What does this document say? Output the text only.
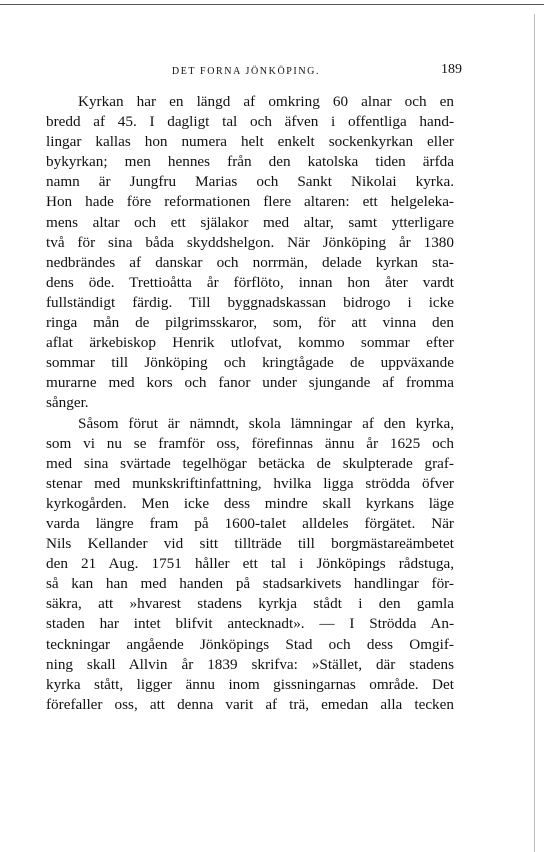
DET FORNA JÖNKÖPING.	189
Kyrkan har en längd af omkring 60 alnar och en
bredd af 45. I dagligt tal och äfven i offentliga hand-
lingar kallas hon numera helt enkelt sockenkyrkan eller
bykyrkan; men hennes från den katolska tiden ärfda
namn är Jungfru Marias och Sankt Nikolai kyrka.
Hon hade före reformationen flere altaren: ett helgeleka-
mens altar och ett själakor med altar, samt ytterligare
två för sina båda skyddshelgon. När Jönköping år 1380
nedbrändes af danskar och norrmän, delade kyrkan sta-
dens öde. Trettioåtta år förflöto, innan hon åter vardt
fullständigt färdig. Till byggnadskassan bidrogo i icke
ringa mån de pilgrimsskaror, som, för att vinna den
aflat ärkebiskop Henrik utlofvat, kommo sommar efter
sommar till Jönköping och kringtågade de uppväxande
murarne med kors och fanor under sjungande af fromma
sånger.
Såsom förut är nämndt, skola lämningar af den kyrka,
som vi nu se framför oss, förefinnas ännu år 1625 och
med sina svärtade tegelhögar betäcka de skulpterade graf-
stenar med munkskriftinfattning, hvilka ligga strödda öfver
kyrkogården. Men icke dess mindre skall kyrkans läge
varda längre fram på 1600-talet alldeles förgätet. När
Nils Kellander vid sitt tillträde till borgmästareämbetet
den 21 Aug. 1751 håller ett tal i Jönköpings rådstuga,
så kan han med handen på stadsarkivets handlingar för-
säkra, att »hvarest stadens kyrkja stådt i den gamla
staden har intet blifvit antecknadt». — I Strödda An-
teckningar angående Jönköpings Stad och dess Omgif-
ning skall Allvin år 1839 skrifva: »Stället, där stadens
kyrka stått, ligger ännu inom gissningarnas område. Det
förefaller oss, att denna varit af trä, emedan alla tecken
